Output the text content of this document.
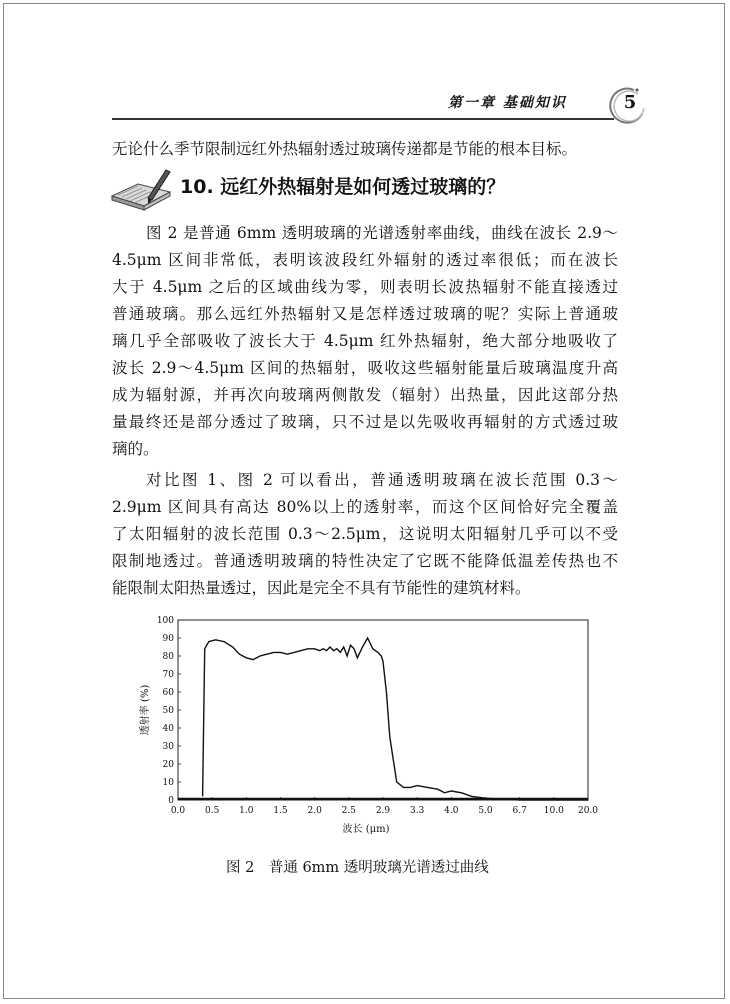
第一章 基础知识	5
无论什么季节限制远红外热辐射透过玻璃传递都是节能的根本目标。
10. 远红外热辐射是如何透过玻璃的？
图 2 是普通 6mm 透明玻璃的光谱透射率曲线，曲线在波长 2.9～
4.5μm 区间非常低，表明该波段红外辐射的透过率很低；而在波长
大于 4.5μm 之后的区域曲线为零，则表明长波热辐射不能直接透过
普通玻璃。那么远红外热辐射又是怎样透过玻璃的呢？实际上普通玻
璃几乎全部吸收了波长大于 4.5μm 红外热辐射，绝大部分地吸收了
波长 2.9～4.5μm 区间的热辐射，吸收这些辐射能量后玻璃温度升高
成为辐射源，并再次向玻璃两侧散发（辐射）出热量，因此这部分热
量最终还是部分透过了玻璃，只不过是以先吸收再辐射的方式透过玻
璃的。
对比图 1、图 2 可以看出，普通透明玻璃在波长范围 0.3～
2.9μm 区间具有高达 80%以上的透射率，而这个区间恰好完全覆盖
了太阳辐射的波长范围 0.3～2.5μm，这说明太阳辐射几乎可以不受
限制地透过。普通透明玻璃的特性决定了它既不能降低温差传热也不
能限制太阳热量透过，因此是完全不具有节能性的建筑材料。
透射率 (%)
波长 (μm)
0.0 0.5 1.0 1.5 2.0 2.5 2.9 3.3 4.0 5.0 6.7 10.0 20.0
0
10
20
30
40
50
60
70
80
90
100
图 2　普通 6mm 透明玻璃光谱透过曲线
